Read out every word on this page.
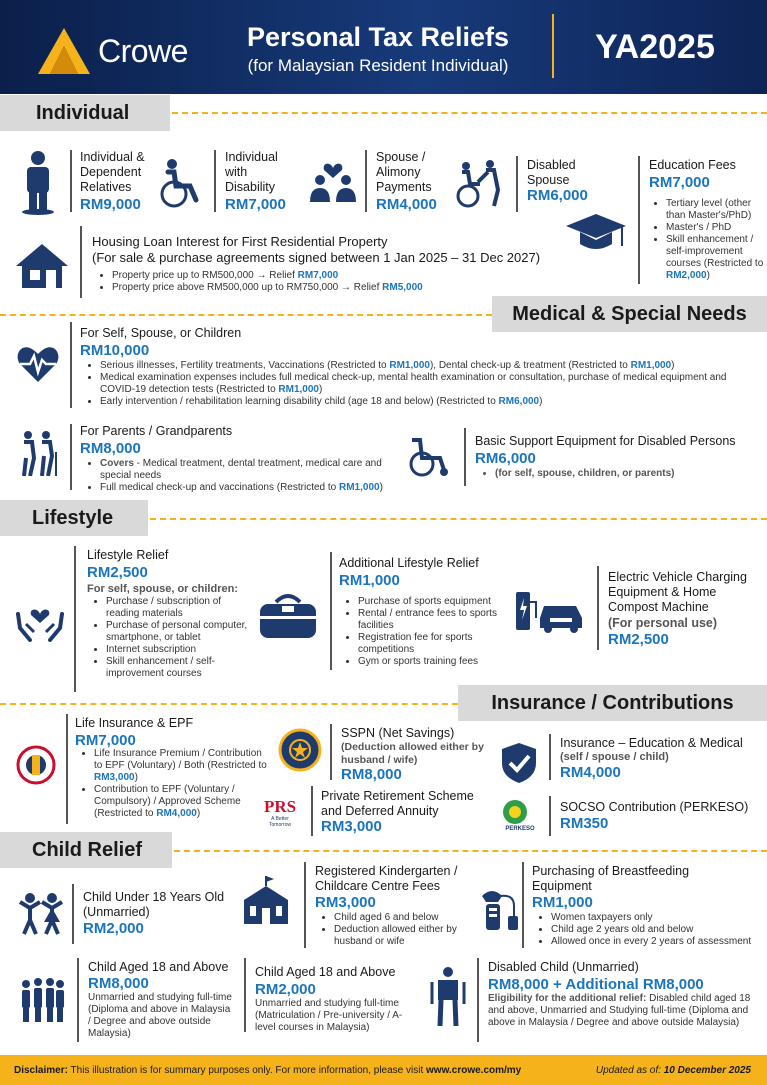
Crowe	Personal Tax Reliefs
(for Malaysian Resident Individual)	YA2025
Individual
Individual & Dependent Relatives
RM9,000
Individual with Disability
RM7,000
Spouse / Alimony Payments
RM4,000
Disabled Spouse
RM6,000
Education Fees
RM7,000
• Tertiary level (other than Master's/PhD)
• Master's / PhD
• Skill enhancement / self-improvement courses (Restricted to RM2,000)
Housing Loan Interest for First Residential Property
(For sale & purchase agreements signed between 1 Jan 2025 – 31 Dec 2027)
• Property price up to RM500,000 → Relief RM7,000
• Property price above RM500,000 up to RM750,000 → Relief RM5,000
Medical & Special Needs
For Self, Spouse, or Children
RM10,000
• Serious illnesses, Fertility treatments, Vaccinations (Restricted to RM1,000), Dental check-up & treatment (Restricted to RM1,000)
• Medical examination expenses includes full medical check-up, mental health examination or consultation, purchase of medical equipment and COVID-19 detection tests (Restricted to RM1,000)
• Early intervention / rehabilitation learning disability child (age 18 and below) (Restricted to RM6,000)
For Parents / Grandparents
RM8,000
• Covers - Medical treatment, dental treatment, medical care and special needs
• Full medical check-up and vaccinations (Restricted to RM1,000)
Basic Support Equipment for Disabled Persons
RM6,000
• (for self, spouse, children, or parents)
Lifestyle
Lifestyle Relief
RM2,500
For self, spouse, or children:
• Purchase / subscription of reading materials
• Purchase of personal computer, smartphone, or tablet
• Internet subscription
• Skill enhancement / self-improvement courses
Additional Lifestyle Relief
RM1,000
• Purchase of sports equipment
• Rental / entrance fees to sports facilities
• Registration fee for sports competitions
• Gym or sports training fees
Electric Vehicle Charging Equipment & Home Compost Machine
(For personal use)
RM2,500
Insurance / Contributions
Life Insurance & EPF
RM7,000
• Life Insurance Premium / Contribution to EPF (Voluntary) / Both (Restricted to RM3,000)
• Contribution to EPF (Voluntary / Compulsory) / Approved Scheme (Restricted to RM4,000)
SSPN (Net Savings)
(Deduction allowed either by husband / wife)
RM8,000
PRS
A Better Tomorrow
Private Retirement Scheme and Deferred Annuity
RM3,000
Insurance – Education & Medical
(self / spouse / child)
RM4,000
PERKESO
SOCSO Contribution (PERKESO)
RM350
Child Relief
Child Under 18 Years Old (Unmarried)
RM2,000
Registered Kindergarten / Childcare Centre Fees
RM3,000
• Child aged 6 and below
• Deduction allowed either by husband or wife
Purchasing of Breastfeeding Equipment
RM1,000
• Women taxpayers only
• Child age 2 years old and below
• Allowed once in every 2 years of assessment
Child Aged 18 and Above
RM8,000
Unmarried and studying full-time (Diploma and above in Malaysia / Degree and above outside Malaysia)
Child Aged 18 and Above
RM2,000
Unmarried and studying full-time (Matriculation / Pre-university / A-level courses in Malaysia)
Disabled Child (Unmarried)
RM8,000 + Additional RM8,000
Eligibility for the additional relief: Disabled child aged 18 and above, Unmarried and Studying full-time (Diploma and above in Malaysia / Degree and above outside Malaysia)
Disclaimer: This illustration is for summary purposes only. For more information, please visit www.crowe.com/my	Updated as of: 10 December 2025
